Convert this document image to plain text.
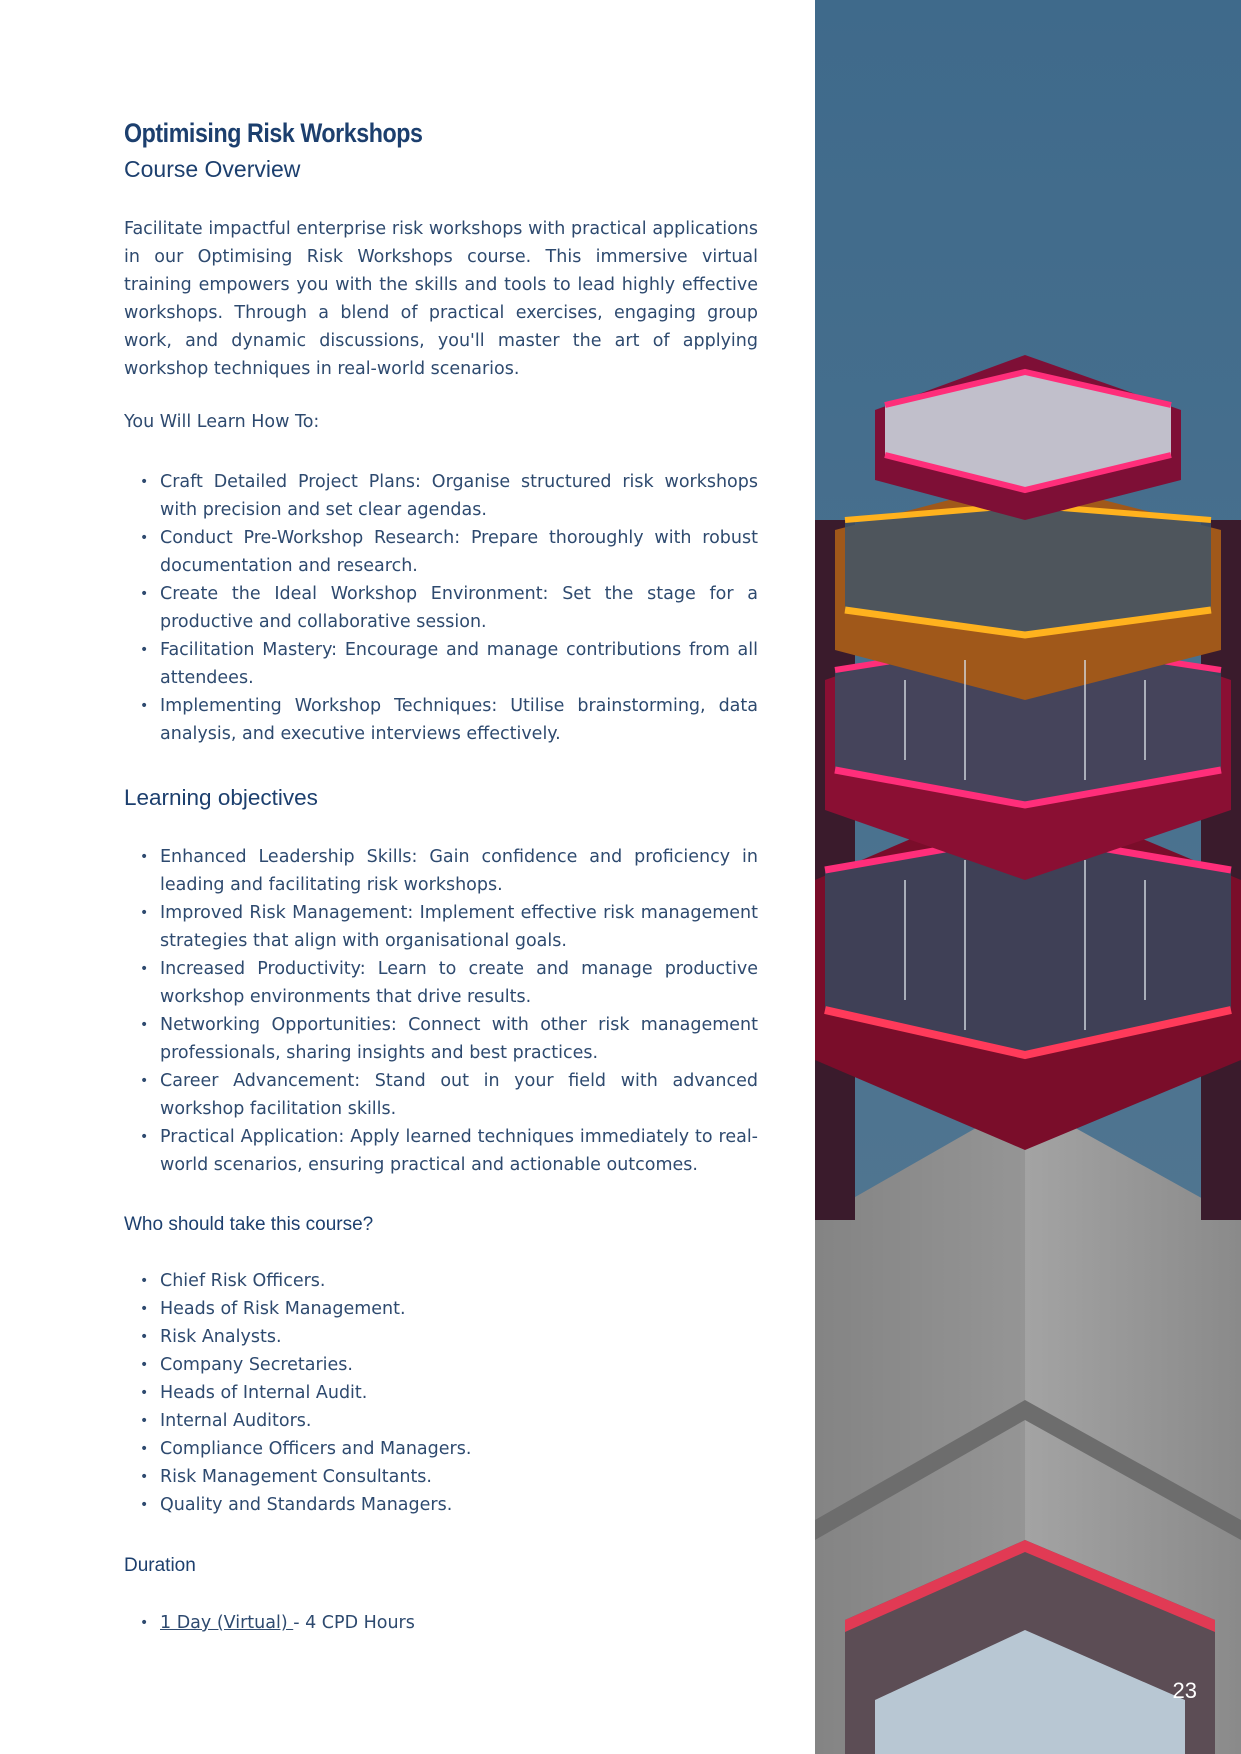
Optimising Risk Workshops
Course Overview

Facilitate impactful enterprise risk workshops with practical applications in our Optimising Risk Workshops course. This immersive virtual training empowers you with the skills and tools to lead highly effective workshops. Through a blend of practical exercises, engaging group work, and dynamic discussions, you'll master the art of applying workshop techniques in real-world scenarios.

You Will Learn How To:

• Craft Detailed Project Plans: Organise structured risk workshops with precision and set clear agendas.
• Conduct Pre-Workshop Research: Prepare thoroughly with robust documentation and research.
• Create the Ideal Workshop Environment: Set the stage for a productive and collaborative session.
• Facilitation Mastery: Encourage and manage contributions from all attendees.
• Implementing Workshop Techniques: Utilise brainstorming, data analysis, and executive interviews effectively.
Learning objectives
• Enhanced Leadership Skills: Gain confidence and proficiency in leading and facilitating risk workshops.
• Improved Risk Management: Implement effective risk management strategies that align with organisational goals.
• Increased Productivity: Learn to create and manage productive workshop environments that drive results.
• Networking Opportunities: Connect with other risk management professionals, sharing insights and best practices.
• Career Advancement: Stand out in your field with advanced workshop facilitation skills.
• Practical Application: Apply learned techniques immediately to real-world scenarios, ensuring practical and actionable outcomes.
Who should take this course?
• Chief Risk Officers.
• Heads of Risk Management.
• Risk Analysts.
• Company Secretaries.
• Heads of Internal Audit.
• Internal Auditors.
• Compliance Officers and Managers.
• Risk Management Consultants.
• Quality and Standards Managers.
Duration
• 1 Day (Virtual) - 4 CPD Hours
23
